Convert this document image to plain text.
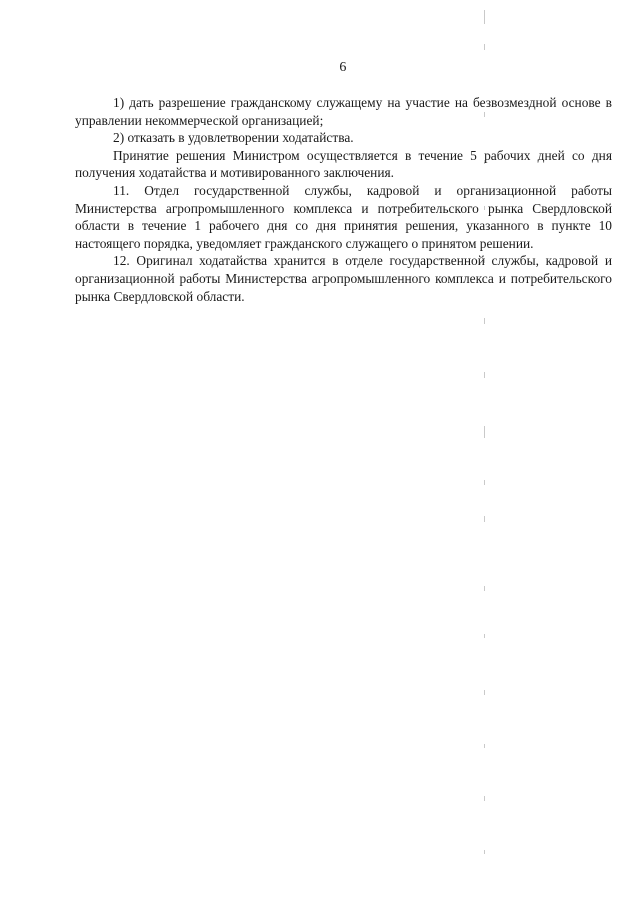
6

1) дать разрешение гражданскому служащему на участие на безвозмездной основе в управлении некоммерческой организацией;

2) отказать в удовлетворении ходатайства.

Принятие решения Министром осуществляется в течение 5 рабочих дней со дня получения ходатайства и мотивированного заключения.

11. Отдел государственной службы, кадровой и организационной работы Министерства агропромышленного комплекса и потребительского рынка Свердловской области в течение 1 рабочего дня со дня принятия решения, указанного в пункте 10 настоящего порядка, уведомляет гражданского служащего о принятом решении.

12. Оригинал ходатайства хранится в отделе государственной службы, кадровой и организационной работы Министерства агропромышленного комплекса и потребительского рынка Свердловской области.
